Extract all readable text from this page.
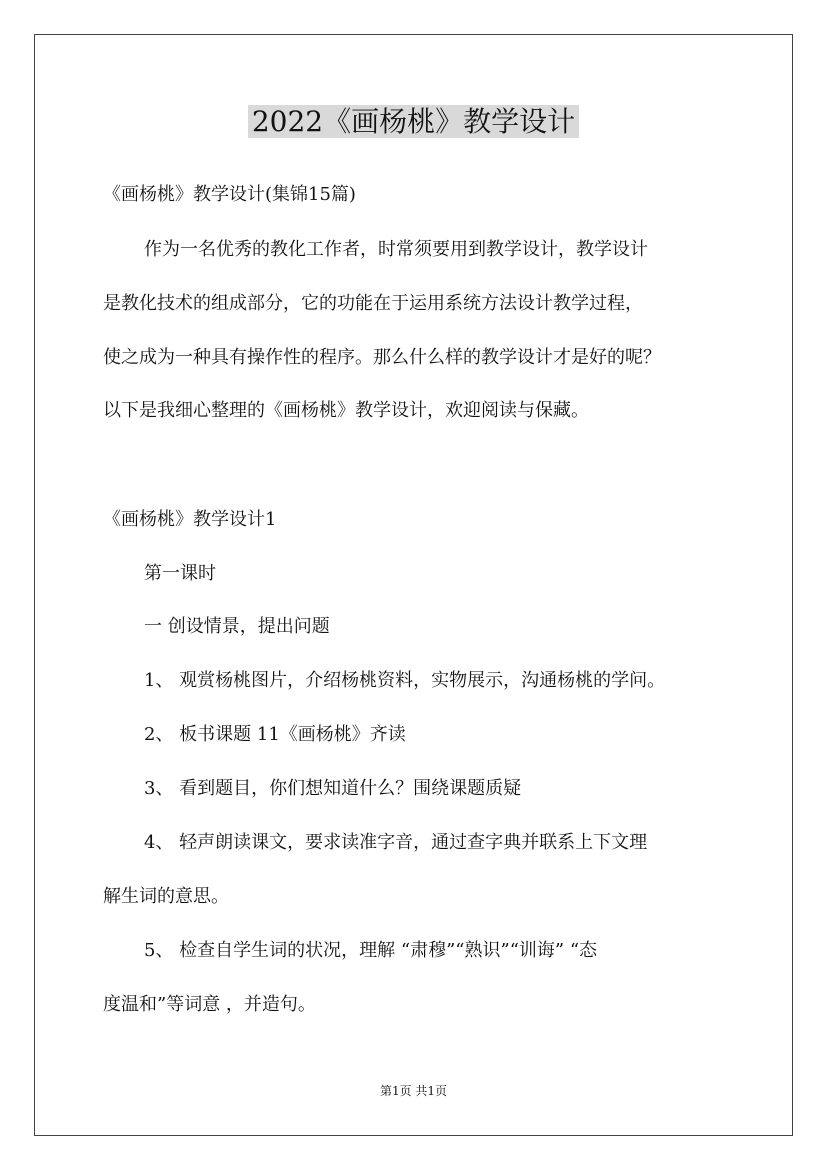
2022《画杨桃》教学设计
《画杨桃》教学设计(集锦15篇)
作为一名优秀的教化工作者，时常须要用到教学设计，教学设计
是教化技术的组成部分，它的功能在于运用系统方法设计教学过程，
使之成为一种具有操作性的程序。那么什么样的教学设计才是好的呢？
以下是我细心整理的《画杨桃》教学设计，欢迎阅读与保藏。
《画杨桃》教学设计1
第一课时
一 创设情景，提出问题
1、 观赏杨桃图片，介绍杨桃资料，实物展示，沟通杨桃的学问。
2、 板书课题 11《画杨桃》齐读
3、 看到题目，你们想知道什么？围绕课题质疑
4、 轻声朗读课文，要求读准字音，通过查字典并联系上下文理
解生词的意思。
5、 检查自学生词的状况，理解 “肃穆”“熟识”“训诲” “态
度温和”等词意 ，并造句。
第1页 共1页
